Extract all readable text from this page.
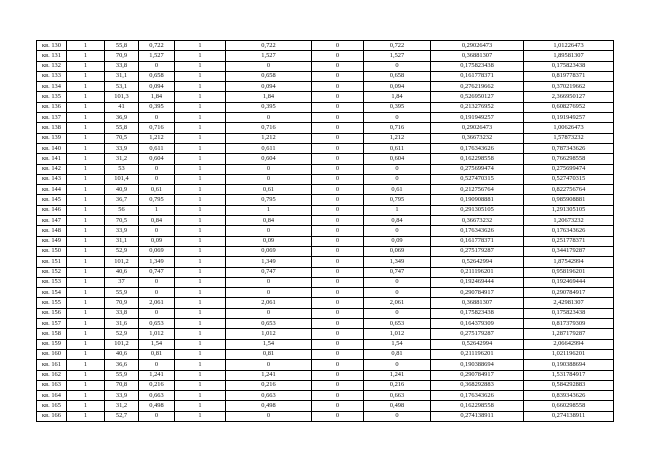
кв. 130	1	55,8	0,722	1	0,722	0	0,722	0,29026473	1,01226473
кв. 131	1	70,9	1,527	1	1,527	0	1,527	0,36881307	1,89581307
кв. 132	1	33,8	0	1	0	0	0	0,175823438	0,175823438
кв. 133	1	31,1	0,658	1	0,658	0	0,658	0,161778371	0,819778371
кв. 134	1	53,1	0,094	1	0,094	0	0,094	0,276219662	0,370219662
кв. 135	1	101,3	1,84	1	1,84	0	1,84	0,526950127	2,366950127
кв. 136	1	41	0,395	1	0,395	0	0,395	0,213276952	0,608276952
кв. 137	1	36,9	0	1	0	0	0	0,191949257	0,191949257
кв. 138	1	55,8	0,716	1	0,716	0	0,716	0,29026473	1,00626473
кв. 139	1	70,5	1,212	1	1,212	0	1,212	0,36673232	1,57873232
кв. 140	1	33,9	0,611	1	0,611	0	0,611	0,176343626	0,787343626
кв. 141	1	31,2	0,604	1	0,604	0	0,604	0,162298558	0,766298558
кв. 142	1	53	0	1	0	0	0	0,275699474	0,275699474
кв. 143	1	101,4	0	1	0	0	0	0,527470315	0,527470315
кв. 144	1	40,9	0,61	1	0,61	0	0,61	0,212756764	0,822756764
кв. 145	1	36,7	0,795	1	0,795	0	0,795	0,190908881	0,985908881
кв. 146	1	56	1	1	1	0	1	0,291305105	1,291305105
кв. 147	1	70,5	0,84	1	0,84	0	0,84	0,36673232	1,20673232
кв. 148	1	33,9	0	1	0	0	0	0,176343626	0,176343626
кв. 149	1	31,1	0,09	1	0,09	0	0,09	0,161778371	0,251778371
кв. 150	1	52,9	0,069	1	0,069	0	0,069	0,275179287	0,344179287
кв. 151	1	101,2	1,349	1	1,349	0	1,349	0,52642994	1,87542994
кв. 152	1	40,6	0,747	1	0,747	0	0,747	0,211196201	0,958196201
кв. 153	1	37	0	1	0	0	0	0,192469444	0,192469444
кв. 154	1	55,9	0	1	0	0	0	0,290784917	0,290784917
кв. 155	1	70,9	2,061	1	2,061	0	2,061	0,36881307	2,42981307
кв. 156	1	33,8	0	1	0	0	0	0,175823438	0,175823438
кв. 157	1	31,6	0,653	1	0,653	0	0,653	0,164379309	0,817379309
кв. 158	1	52,9	1,012	1	1,012	0	1,012	0,275179287	1,287179287
кв. 159	1	101,2	1,54	1	1,54	0	1,54	0,52642994	2,06642994
кв. 160	1	40,6	0,81	1	0,81	0	0,81	0,211196201	1,021196201
кв. 161	1	36,6	0	1	0	0	0	0,190388694	0,190388694
кв. 162	1	55,9	1,241	1	1,241	0	1,241	0,290784917	1,531784917
кв. 163	1	70,8	0,216	1	0,216	0	0,216	0,368292883	0,584292883
кв. 164	1	33,9	0,663	1	0,663	0	0,663	0,176343626	0,839343626
кв. 165	1	31,2	0,498	1	0,498	0	0,498	0,162298558	0,660298558
кв. 166	1	52,7	0	1	0	0	0	0,274138911	0,274138911
